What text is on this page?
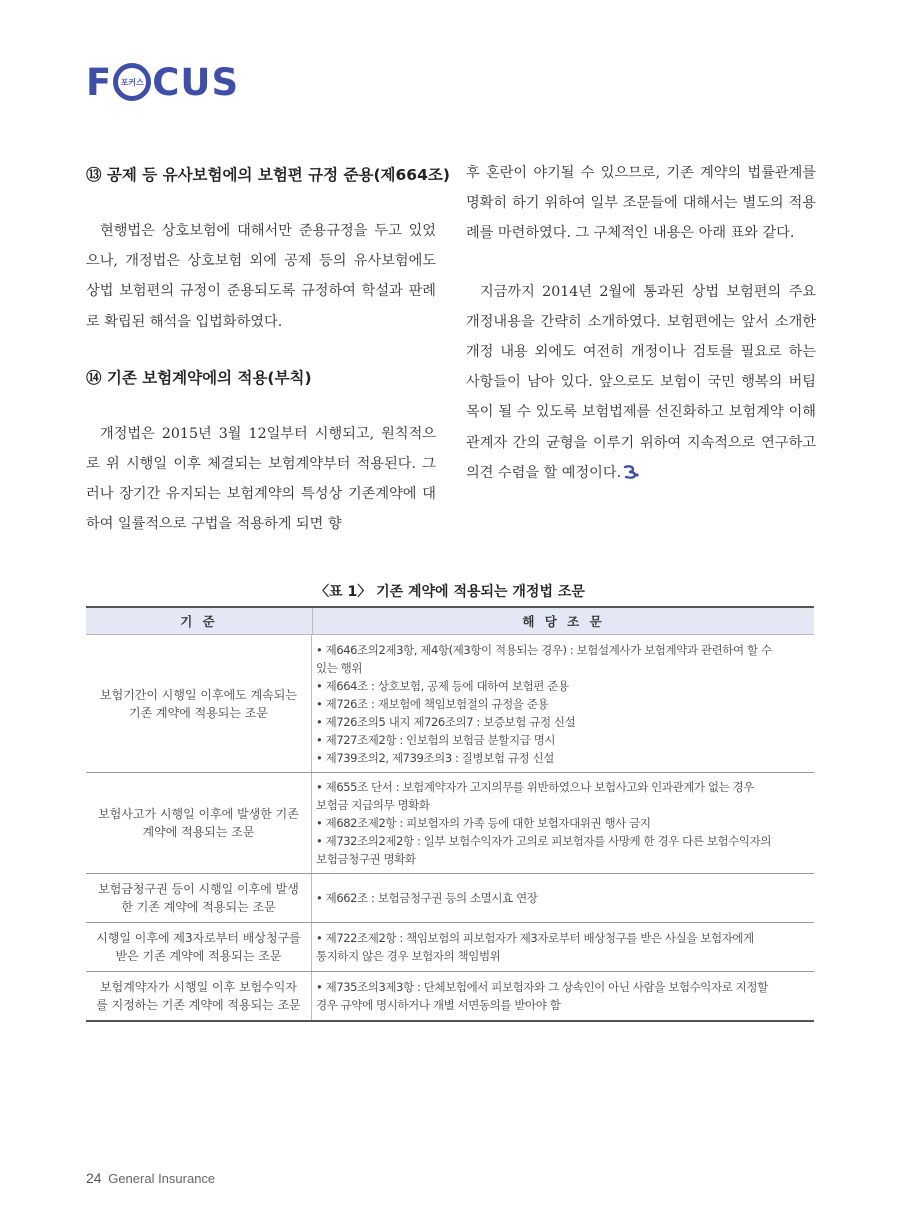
F 포커스 CUS
⑬ 공제 등 유사보험에의 보험편 규정 준용(제664조)

현행법은 상호보험에 대해서만 준용규정을 두고 있었으나, 개정법은 상호보험 외에 공제 등의 유사보험에도 상법 보험편의 규정이 준용되도록 규정하여 학설과 판례로 확립된 해석을 입법화하였다.

⑭ 기존 보험계약에의 적용(부칙)

개정법은 2015년 3월 12일부터 시행되고, 원칙적으로 위 시행일 이후 체결되는 보험계약부터 적용된다. 그러나 장기간 유지되는 보험계약의 특성상 기존계약에 대하여 일률적으로 구법을 적용하게 되면 향

후 혼란이 야기될 수 있으므로, 기존 계약의 법률관계를 명확히 하기 위하여 일부 조문들에 대해서는 별도의 적용례를 마련하였다. 그 구체적인 내용은 아래 표와 같다.

지금까지 2014년 2월에 통과된 상법 보험편의 주요 개정내용을 간략히 소개하였다. 보험편에는 앞서 소개한 개정 내용 외에도 여전히 개정이나 검토를 필요로 하는 사항들이 남아 있다. 앞으로도 보험이 국민 행복의 버팀목이 될 수 있도록 보험법제를 선진화하고 보험계약 이해관계자 간의 균형을 이루기 위하여 지속적으로 연구하고 의견 수렴을 할 예정이다.

〈표 1〉 기존 계약에 적용되는 개정법 조문
기 준	해 당 조 문
보험기간이 시행일 이후에도 계속되는 기존 계약에 적용되는 조문
• 제646조의2제3항, 제4항(제3항이 적용되는 경우) : 보험설계사가 보험계약과 관련하여 할 수
있는 행위
• 제664조 : 상호보험, 공제 등에 대하여 보험편 준용
• 제726조 : 재보험에 책임보험절의 규정을 준용
• 제726조의5 내지 제726조의7 : 보증보험 규정 신설
• 제727조제2항 : 인보험의 보험금 분할지급 명시
• 제739조의2, 제739조의3 : 질병보험 규정 신설
보험사고가 시행일 이후에 발생한 기존 계약에 적용되는 조문
• 제655조 단서 : 보험계약자가 고지의무를 위반하였으나 보험사고와 인과관계가 없는 경우
보험금 지급의무 명확화
• 제682조제2항 : 피보험자의 가족 등에 대한 보험자대위권 행사 금지
• 제732조의2제2항 : 일부 보험수익자가 고의로 피보험자를 사망케 한 경우 다른 보험수익자의
보험금청구권 명확화
보험금청구권 등이 시행일 이후에 발생한 기존 계약에 적용되는 조문
• 제662조 : 보험금청구권 등의 소멸시효 연장
시행일 이후에 제3자로부터 배상청구를 받은 기존 계약에 적용되는 조문
• 제722조제2항 : 책임보험의 피보험자가 제3자로부터 배상청구를 받은 사실을 보험자에게
통지하지 않은 경우 보험자의 책임범위
보험계약자가 시행일 이후 보험수익자를 지정하는 기존 계약에 적용되는 조문
• 제735조의3제3항 : 단체보험에서 피보험자와 그 상속인이 아닌 사람을 보험수익자로 지정할
경우 규약에 명시하거나 개별 서면동의를 받아야 함
24 General Insurance
